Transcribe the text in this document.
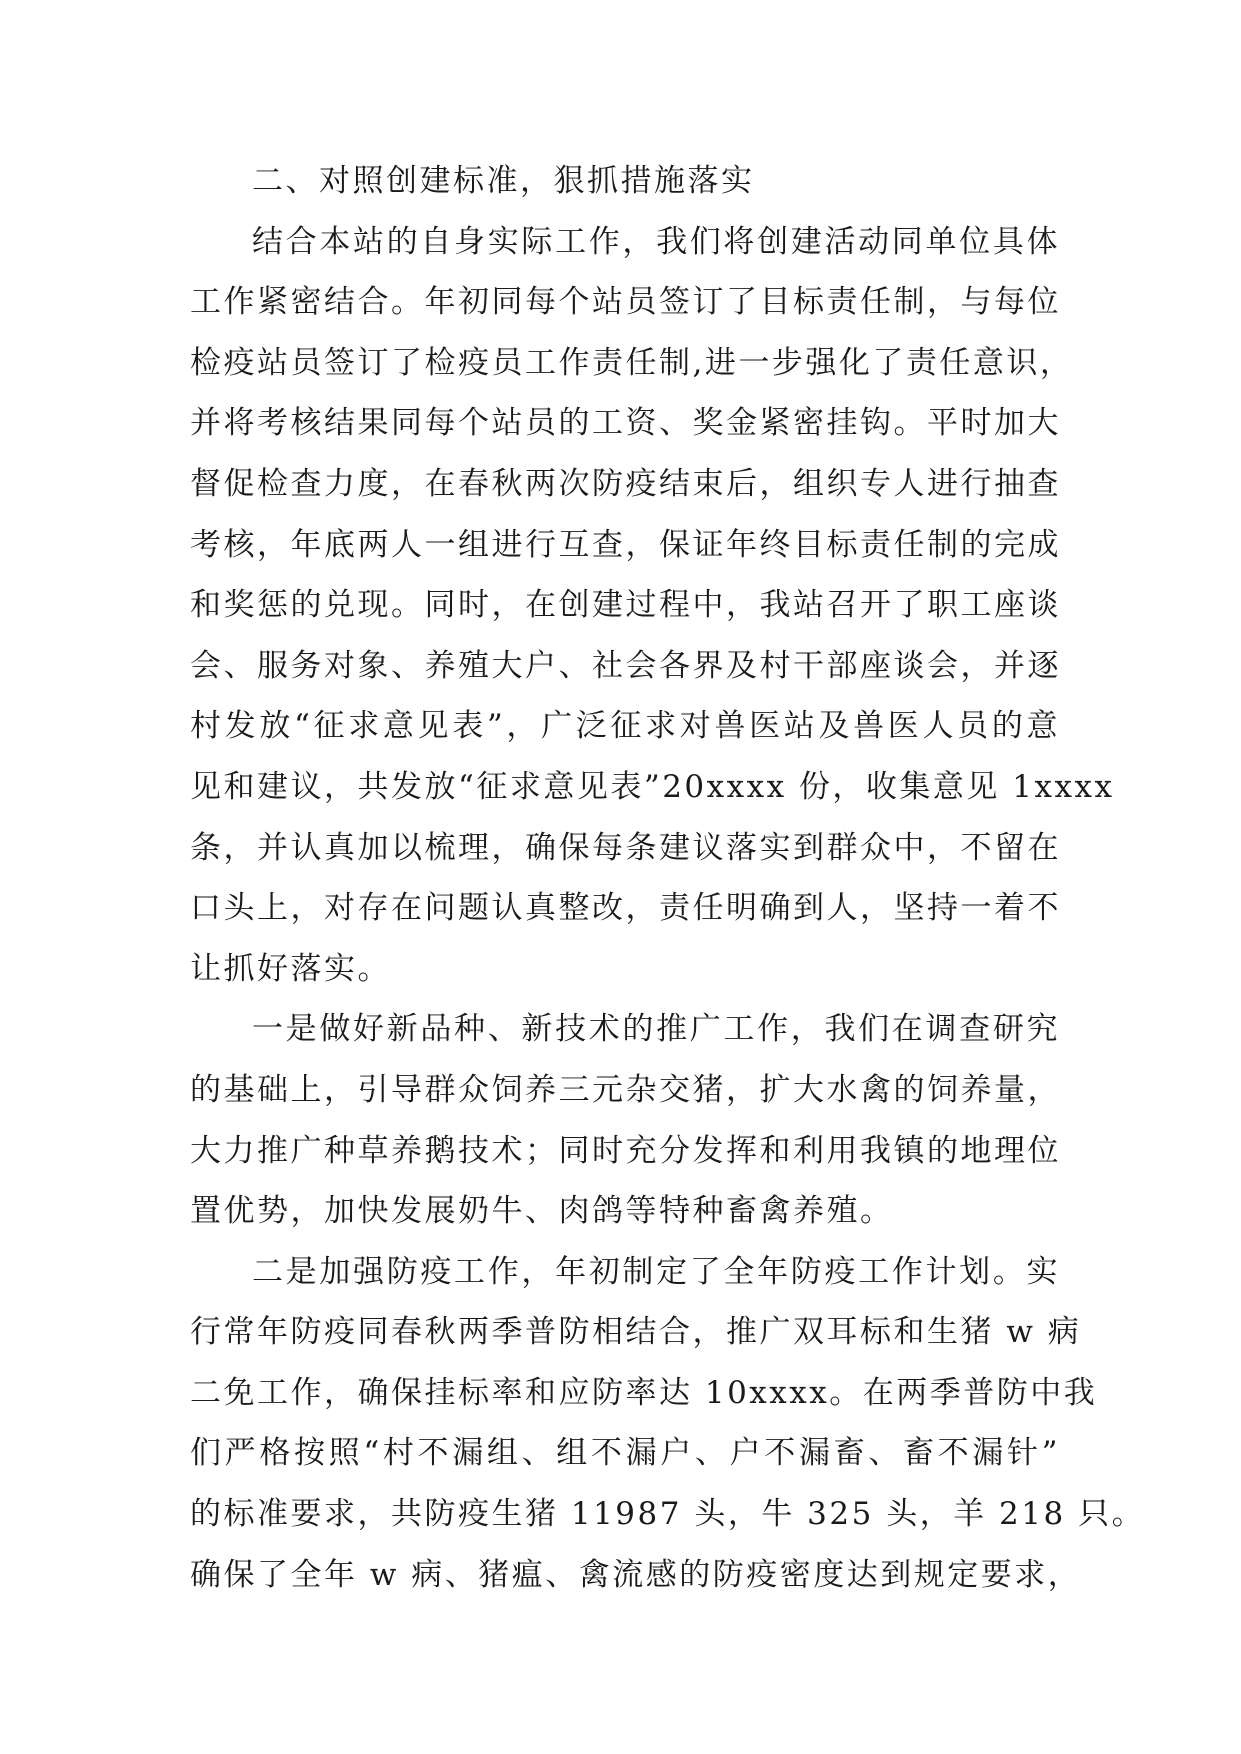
二、对照创建标准，狠抓措施落实
结合本站的自身实际工作，我们将创建活动同单位具体
工作紧密结合。年初同每个站员签订了目标责任制，与每位
检疫站员签订了检疫员工作责任制,进一步强化了责任意识，
并将考核结果同每个站员的工资、奖金紧密挂钩。平时加大
督促检查力度，在春秋两次防疫结束后，组织专人进行抽查
考核，年底两人一组进行互查，保证年终目标责任制的完成
和奖惩的兑现。同时，在创建过程中，我站召开了职工座谈
会、服务对象、养殖大户、社会各界及村干部座谈会，并逐
村发放“征求意见表”，广泛征求对兽医站及兽医人员的意
见和建议，共发放“征求意见表”20xxxx 份，收集意见 1xxxx
条，并认真加以梳理，确保每条建议落实到群众中，不留在
口头上，对存在问题认真整改，责任明确到人，坚持一着不
让抓好落实。
一是做好新品种、新技术的推广工作，我们在调查研究
的基础上，引导群众饲养三元杂交猪，扩大水禽的饲养量，
大力推广种草养鹅技术；同时充分发挥和利用我镇的地理位
置优势，加快发展奶牛、肉鸽等特种畜禽养殖。
二是加强防疫工作，年初制定了全年防疫工作计划。实
行常年防疫同春秋两季普防相结合，推广双耳标和生猪 w 病
二免工作，确保挂标率和应防率达 10xxxx。在两季普防中我
们严格按照“村不漏组、组不漏户、户不漏畜、畜不漏针”
的标准要求，共防疫生猪 11987 头，牛 325 头，羊 218 只。
确保了全年 w 病、猪瘟、禽流感的防疫密度达到规定要求，
